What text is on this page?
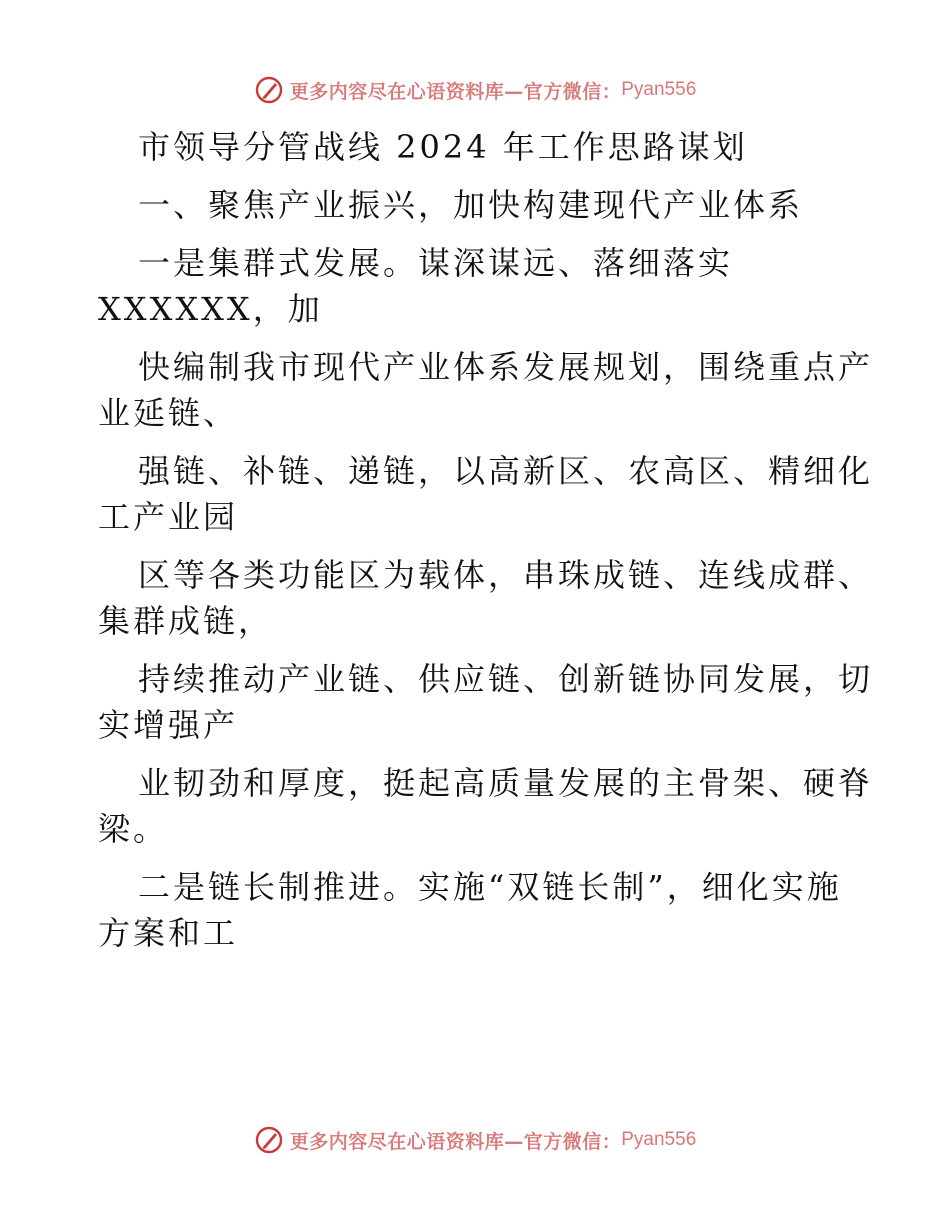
更多内容尽在心语资料库—官方微信： Pyan556
市领导分管战线 2024 年工作思路谋划
一、聚焦产业振兴，加快构建现代产业体系
一是集群式发展。谋深谋远、落细落实
XXXXXX，加
快编制我市现代产业体系发展规划，围绕重点产
业延链、
强链、补链、递链，以高新区、农高区、精细化
工产业园
区等各类功能区为载体，串珠成链、连线成群、
集群成链，
持续推动产业链、供应链、创新链协同发展，切
实增强产
业韧劲和厚度，挺起高质量发展的主骨架、硬脊
梁。
二是链长制推进。实施“双链长制”，细化实施
方案和工
更多内容尽在心语资料库—官方微信： Pyan556
